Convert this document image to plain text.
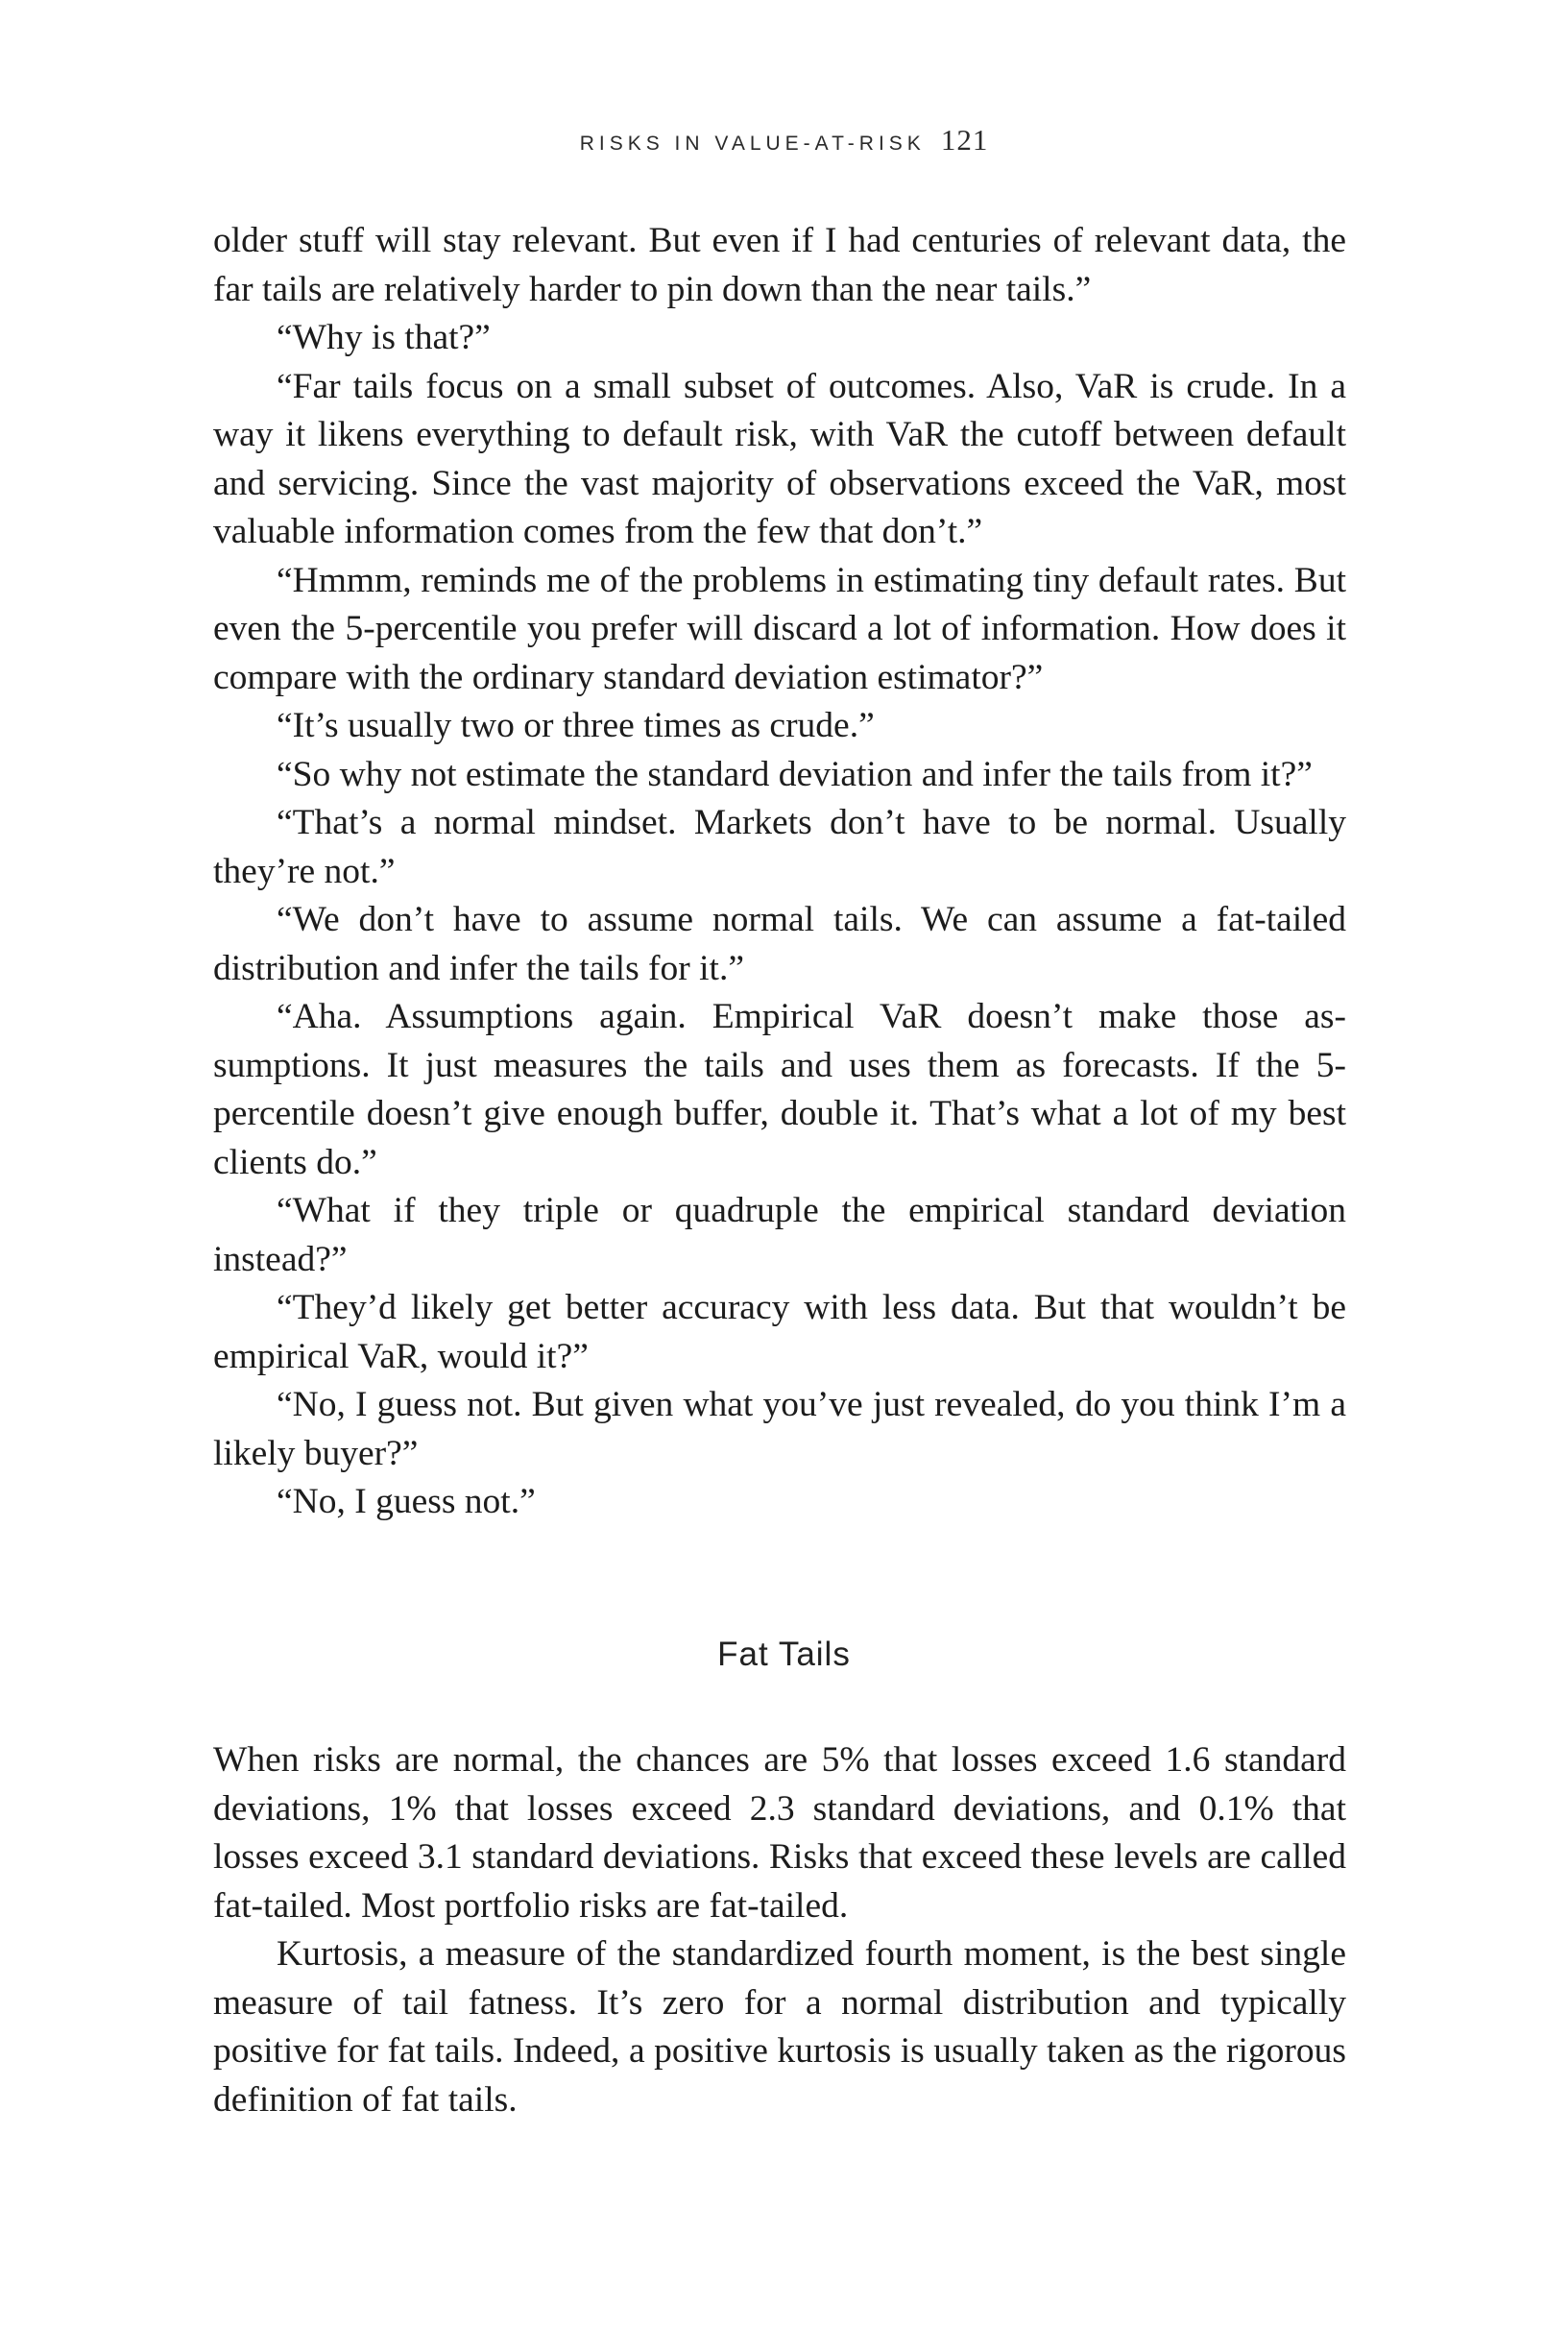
RISKS IN VALUE-AT-RISK 121

older stuff will stay relevant. But even if I had centuries of relevant data, the far tails are relatively harder to pin down than the near tails.”

“Why is that?”

“Far tails focus on a small subset of outcomes. Also, VaR is crude. In a way it likens everything to default risk, with VaR the cutoff between default and servicing. Since the vast majority of observations exceed the VaR, most valuable information comes from the few that don’t.”

“Hmmm, reminds me of the problems in estimating tiny default rates. But even the 5-percentile you prefer will discard a lot of information. How does it compare with the ordinary standard deviation estimator?”

“It’s usually two or three times as crude.”

“So why not estimate the standard deviation and infer the tails from it?”

“That’s a normal mindset. Markets don’t have to be normal. Usually they’re not.”

“We don’t have to assume normal tails. We can assume a fat-tailed distribution and infer the tails for it.”

“Aha. Assumptions again. Empirical VaR doesn’t make those assumptions. It just measures the tails and uses them as forecasts. If the 5-percentile doesn’t give enough buffer, double it. That’s what a lot of my best clients do.”

“What if they triple or quadruple the empirical standard deviation instead?”

“They’d likely get better accuracy with less data. But that wouldn’t be empirical VaR, would it?”

“No, I guess not. But given what you’ve just revealed, do you think I’m a likely buyer?”

“No, I guess not.”

Fat Tails

When risks are normal, the chances are 5% that losses exceed 1.6 standard deviations, 1% that losses exceed 2.3 standard deviations, and 0.1% that losses exceed 3.1 standard deviations. Risks that exceed these levels are called fat-tailed. Most portfolio risks are fat-tailed.

Kurtosis, a measure of the standardized fourth moment, is the best single measure of tail fatness. It’s zero for a normal distribution and typically positive for fat tails. Indeed, a positive kurtosis is usually taken as the rigorous definition of fat tails.
